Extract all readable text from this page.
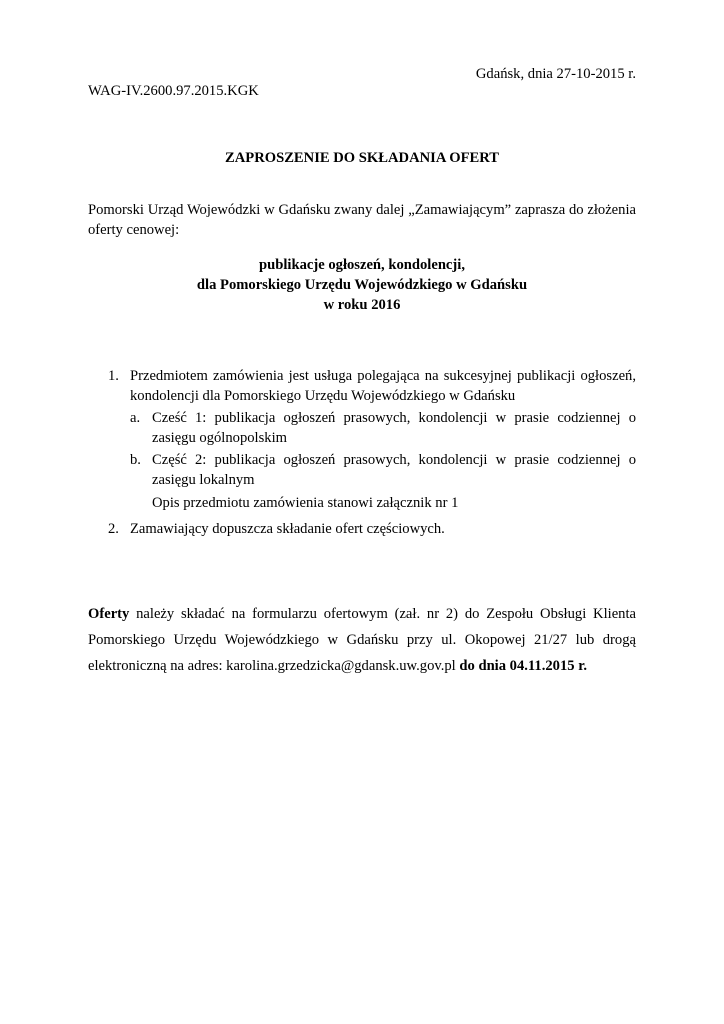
Gdańsk, dnia 27-10-2015 r.
WAG-IV.2600.97.2015.KGK
ZAPROSZENIE DO SKŁADANIA OFERT
Pomorski Urząd Wojewódzki w Gdańsku zwany dalej „Zamawiającym” zaprasza do złożenia oferty cenowej:
publikacje ogłoszeń, kondolencji,
dla Pomorskiego Urzędu Wojewódzkiego w Gdańsku
w roku 2016
1. Przedmiotem zamówienia jest usługa polegająca na sukcesyjnej publikacji ogłoszeń, kondolencji dla Pomorskiego Urzędu Wojewódzkiego w Gdańsku
a. Cześć 1: publikacja ogłoszeń prasowych, kondolencji w prasie codziennej o zasięgu ogólnopolskim
b. Część 2: publikacja ogłoszeń prasowych, kondolencji w prasie codziennej o zasięgu lokalnym
Opis przedmiotu zamówienia stanowi załącznik nr 1
2. Zamawiający dopuszcza składanie ofert częściowych.
Oferty należy składać na formularzu ofertowym (zał. nr 2) do Zespołu Obsługi Klienta
Pomorskiego Urzędu Wojewódzkiego w Gdańsku przy ul. Okopowej 21/27 lub drogą
elektroniczną na adres: karolina.grzedzicka@gdansk.uw.gov.pl do dnia 04.11.2015 r.
